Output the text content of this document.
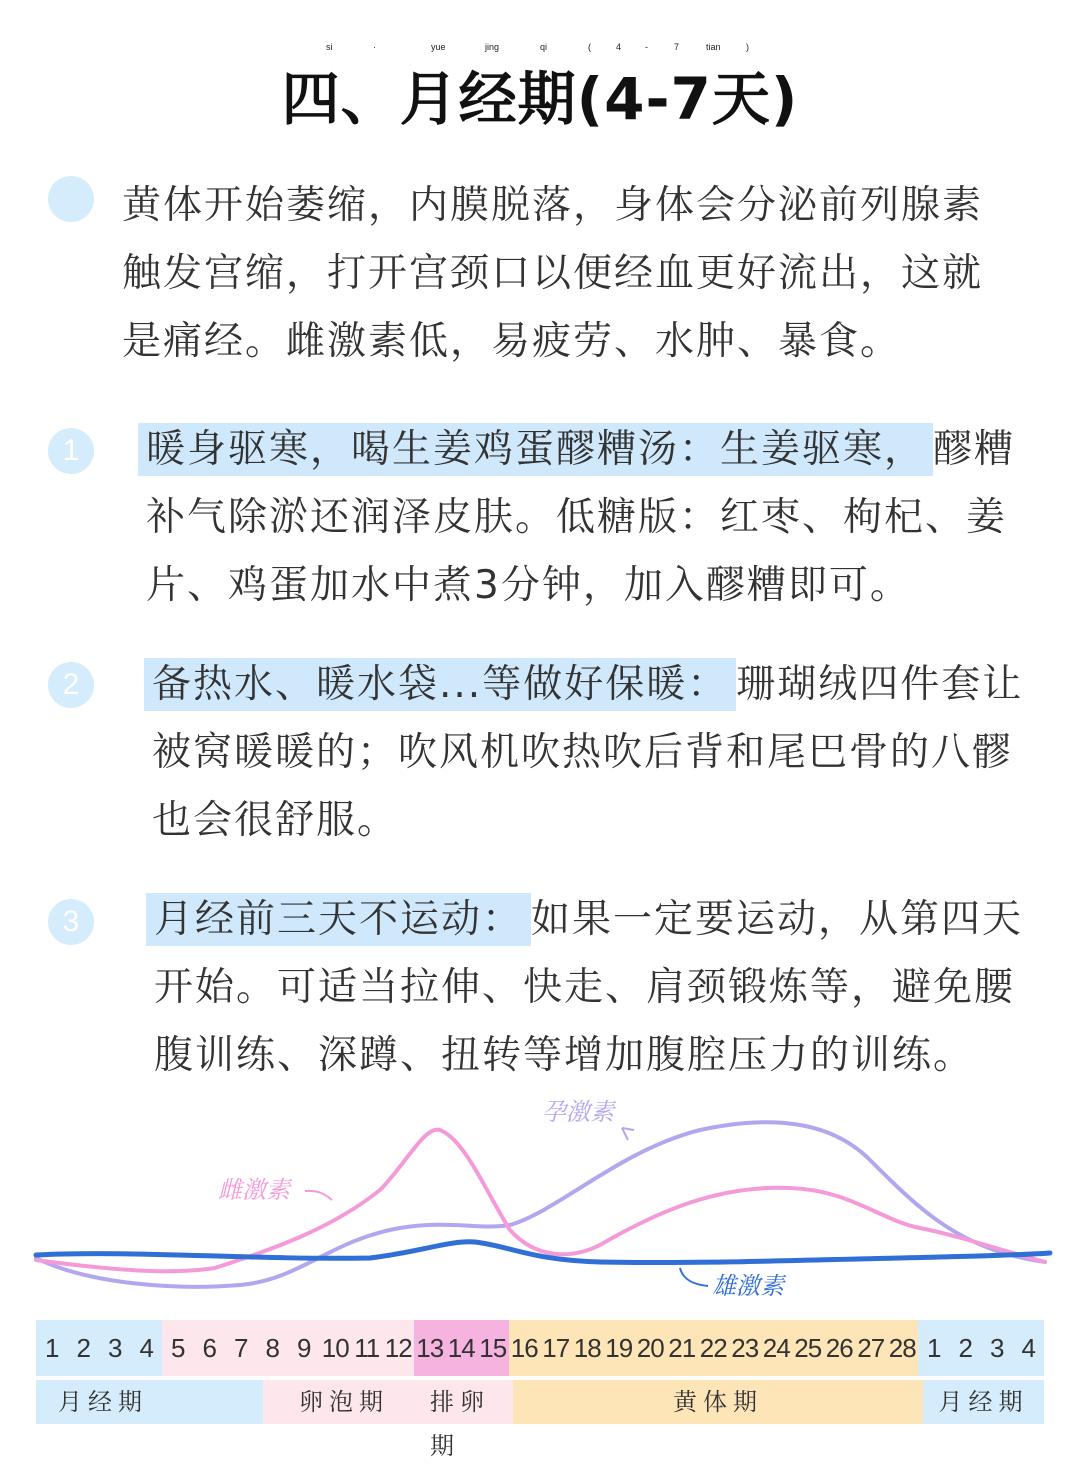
si	·	yue	jing	qi	(	4	-	7	tian	)
四、月经期(4-7天)
黄体开始萎缩，内膜脱落，身体会分泌前列腺素触发宫缩，打开宫颈口以便经血更好流出，这就是痛经。雌激素低，易疲劳、水肿、暴食。
1	暖身驱寒，喝生姜鸡蛋醪糟汤：生姜驱寒， 醪糟补气除淤还润泽皮肤。低糖版：红枣、枸杞、姜片、鸡蛋加水中煮3分钟，加入醪糟即可。
2	备热水、暖水袋...等做好保暖： 珊瑚绒四件套让被窝暖暖的；吹风机吹热吹后背和尾巴骨的八髎也会很舒服。
3	月经前三天不运动： 如果一定要运动，从第四天开始。可适当拉伸、快走、肩颈锻炼等，避免腰腹训练、深蹲、扭转等增加腹腔压力的训练。
雌激素
孕激素
雄激素
1 2 3 4 5 6 7 8 9 10 11 12 13 14 15 16 17 18 19 20 21 22 23 24 25 26 27 28 1 2 3 4
月经期	卵泡期	排卵期
黄体期	月经期
